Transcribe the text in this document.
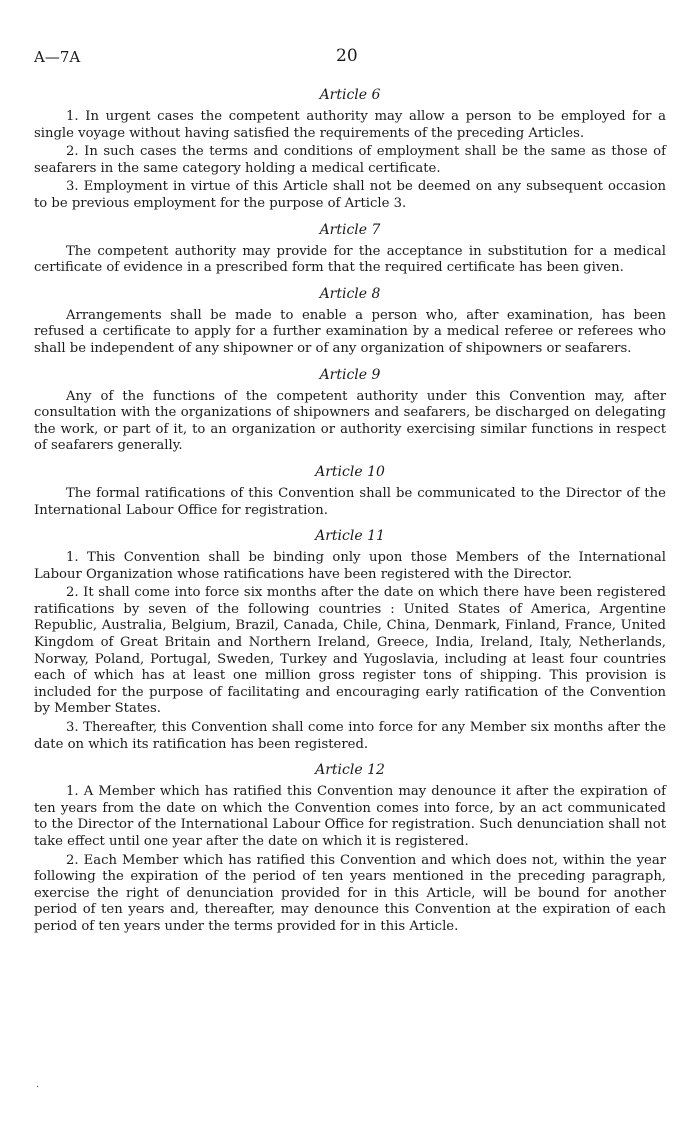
A—7A	20

Article 6

1. In urgent cases the competent authority may allow a person to be employed for a single voyage without having satisfied the requirements of the preceding Articles.

2. In such cases the terms and conditions of employment shall be the same as those of seafarers in the same category holding a medical certificate.

3. Employment in virtue of this Article shall not be deemed on any subsequent occasion to be previous employment for the purpose of Article 3.

Article 7

The competent authority may provide for the acceptance in substitution for a medical certificate of evidence in a prescribed form that the required certificate has been given.

Article 8

Arrangements shall be made to enable a person who, after examination, has been refused a certificate to apply for a further examination by a medical referee or referees who shall be independent of any shipowner or of any organization of shipowners or seafarers.

Article 9

Any of the functions of the competent authority under this Convention may, after consultation with the organizations of shipowners and seafarers, be discharged on delegating the work, or part of it, to an organization or authority exercising similar functions in respect of seafarers generally.

Article 10

The formal ratifications of this Convention shall be communicated to the Director of the International Labour Office for registration.

Article 11

1. This Convention shall be binding only upon those Members of the International Labour Organization whose ratifications have been registered with the Director.

2. It shall come into force six months after the date on which there have been registered ratifications by seven of the following countries : United States of America, Argentine Republic, Australia, Belgium, Brazil, Canada, Chile, China, Denmark, Finland, France, United Kingdom of Great Britain and Northern Ireland, Greece, India, Ireland, Italy, Netherlands, Norway, Poland, Portugal, Sweden, Turkey and Yugoslavia, including at least four countries each of which has at least one million gross register tons of shipping. This provision is included for the purpose of facilitating and encouraging early ratification of the Convention by Member States.

3. Thereafter, this Convention shall come into force for any Member six months after the date on which its ratification has been registered.

Article 12

1. A Member which has ratified this Convention may denounce it after the expiration of ten years from the date on which the Convention comes into force, by an act communicated to the Director of the International Labour Office for registration. Such denunciation shall not take effect until one year after the date on which it is registered.

2. Each Member which has ratified this Convention and which does not, within the year following the expiration of the period of ten years mentioned in the preceding paragraph, exercise the right of denunciation provided for in this Article, will be bound for another period of ten years and, thereafter, may denounce this Convention at the expiration of each period of ten years under the terms provided for in this Article.

·
